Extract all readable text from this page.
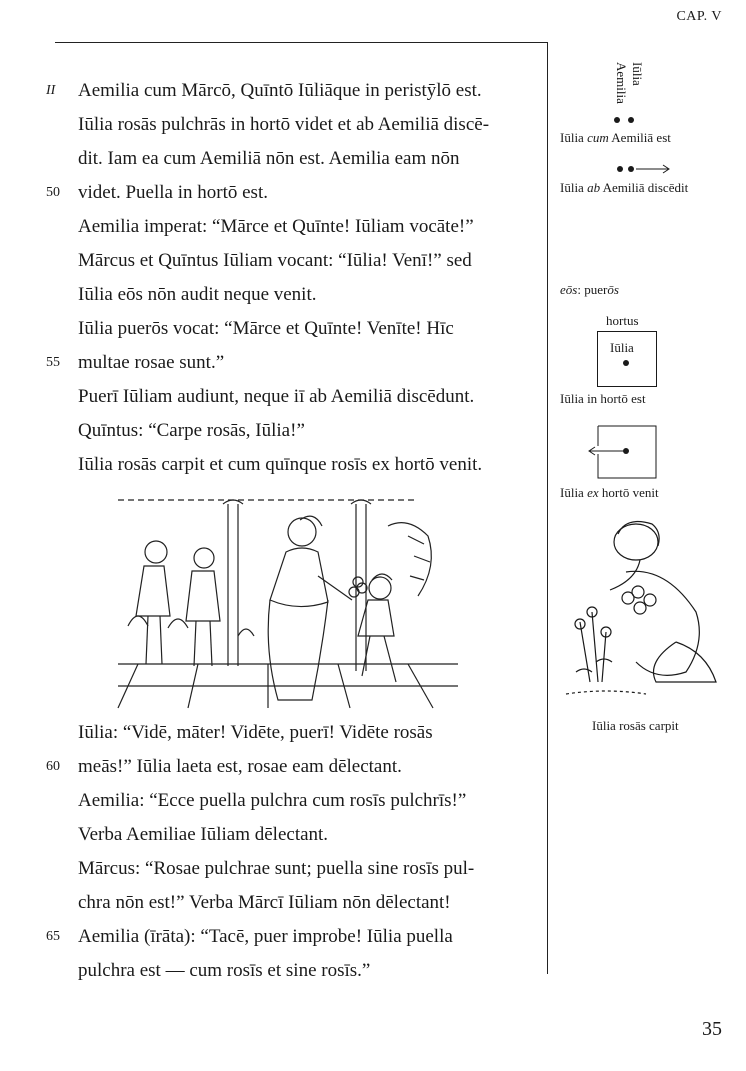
CAP. V

II Aemilia cum Mārcō, Quīntō Iūliāque in peristӯlō est.
Iūlia rosās pulchrās in hortō videt et ab Aemiliā discē-
dit. Iam ea cum Aemiliā nōn est. Aemilia eam nōn
50 videt. Puella in hortō est.

Aemilia imperat: “Mārce et Quīnte! Iūliam vocāte!”

Mārcus et Quīntus Iūliam vocant: “Iūlia! Venī!” sed
Iūlia eōs nōn audit neque venit.

Iūlia puerōs vocat: “Mārce et Quīnte! Venīte! Hīc
55 multae rosae sunt.”

Puerī Iūliam audiunt, neque iī ab Aemiliā discēdunt.

Quīntus: “Carpe rosās, Iūlia!”

Iūlia rosās carpit et cum quīnque rosīs ex hortō venit.

Iūlia: “Vidē, māter! Vidēte, puerī! Vidēte rosās
60 meās!” Iūlia laeta est, rosae eam dēlectant.

Aemilia: “Ecce puella pulchra cum rosīs pulchrīs!”
Verba Aemiliae Iūliam dēlectant.

Mārcus: “Rosae pulchrae sunt; puella sine rosīs pul-
chra nōn est!” Verba Mārcī Iūliam nōn dēlectant!

65 Aemilia (īrāta): “Tacē, puer improbe! Iūlia puella
pulchra est — cum rosīs et sine rosīs.”

Iūlia
Aemilia
Iūlia cum Aemiliā est
Iūlia ab Aemiliā discēdit
eōs: puerōs
hortus
Iūlia
Iūlia in hortō est
Iūlia ex hortō venit
Iūlia rosās carpit
35
